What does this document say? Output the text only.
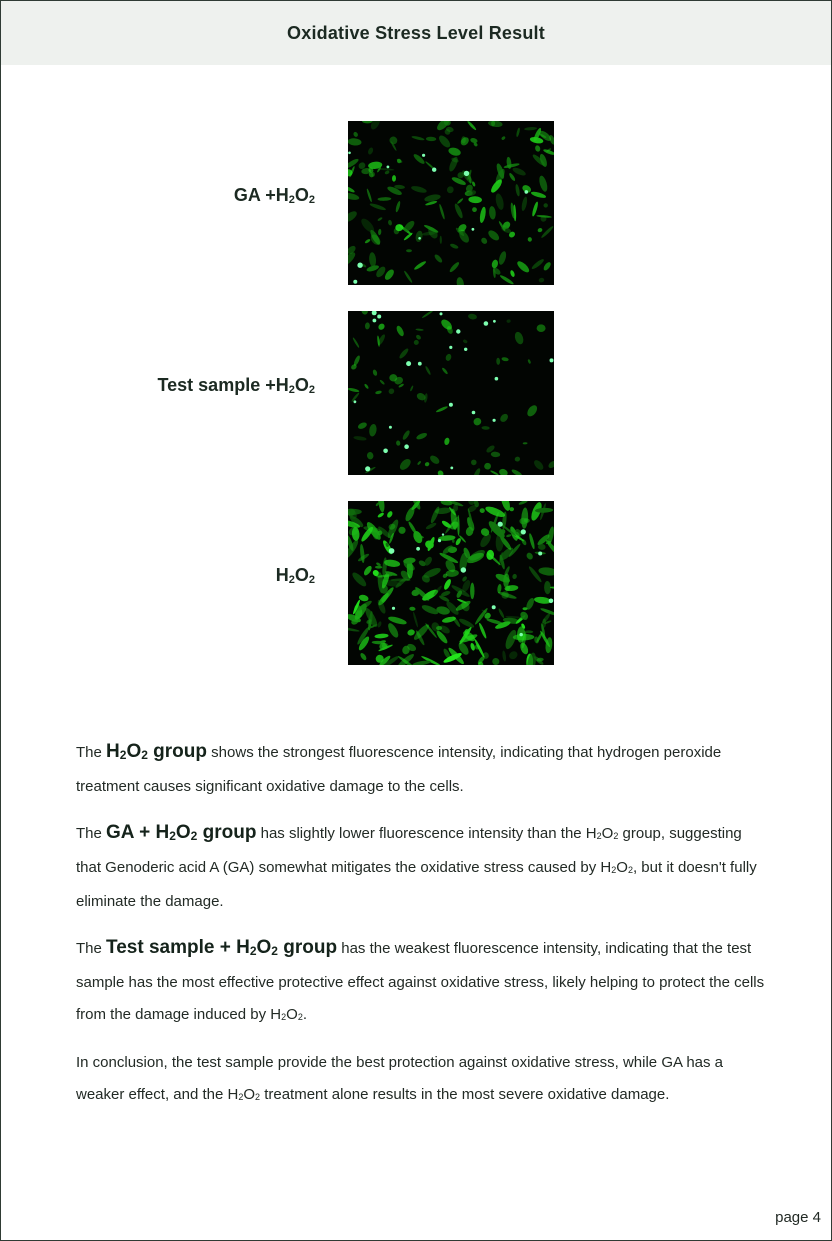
Oxidative Stress Level Result
GA $+H_2O_2$
Test sample $+H_2O_2$
$H_2O_2$

The $H_2O_2$ group shows the strongest fluorescence intensity, indicating that hydrogen peroxide treatment causes significant oxidative damage to the cells.

The GA + $H_2O_2$ group has slightly lower fluorescence intensity than the $H_2O_2$ group, suggesting that Genoderic acid A (GA) somewhat mitigates the oxidative stress caused by $H_2O_2$, but it doesn't fully eliminate the damage.

The Test sample + $H_2O_2$ group has the weakest fluorescence intensity, indicating that the test sample has the most effective protective effect against oxidative stress, likely helping to protect the cells from the damage induced by $H_2O_2$.

In conclusion, the test sample provide the best protection against oxidative stress, while GA has a weaker effect, and the $H_2O_2$ treatment alone results in the most severe oxidative damage.

page 4
